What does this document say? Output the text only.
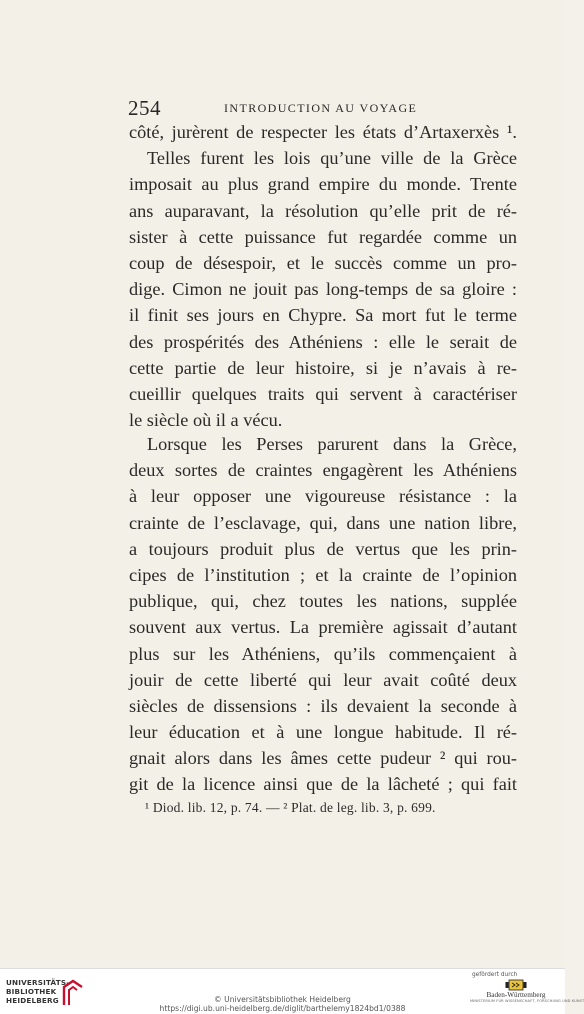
254	INTRODUCTION AU VOYAGE
côté, jurèrent de respecter les états d’Artaxerxès ¹.
Telles furent les lois qu’une ville de la Grèce
imposait au plus grand empire du monde. Trente
ans auparavant, la résolution qu’elle prit de ré-
sister à cette puissance fut regardée comme un
coup de désespoir, et le succès comme un pro-
dige. Cimon ne jouit pas long-temps de sa gloire :
il finit ses jours en Chypre. Sa mort fut le terme
des prospérités des Athéniens : elle le serait de
cette partie de leur histoire, si je n’avais à re-
cueillir quelques traits qui servent à caractériser
le siècle où il a vécu.
Lorsque les Perses parurent dans la Grèce,
deux sortes de craintes engagèrent les Athéniens
à leur opposer une vigoureuse résistance : la
crainte de l’esclavage, qui, dans une nation libre,
a toujours produit plus de vertus que les prin-
cipes de l’institution ; et la crainte de l’opinion
publique, qui, chez toutes les nations, supplée
souvent aux vertus. La première agissait d’autant
plus sur les Athéniens, qu’ils commençaient à
jouir de cette liberté qui leur avait coûté deux
siècles de dissensions : ils devaient la seconde à
leur éducation et à une longue habitude. Il ré-
gnait alors dans les âmes cette pudeur ² qui rou-
git de la licence ainsi que de la lâcheté ; qui fait
¹ Diod. lib. 12, p. 74. — ² Plat. de leg. lib. 3, p. 699.
UNIVERSITÄTS-
BIBLIOTHEK
HEIDELBERG	© Universitätsbibliothek Heidelberg
https://digi.ub.uni-heidelberg.de/diglit/barthelemy1824bd1/0388
gefördert durch
Baden-Württemberg
MINISTERIUM FÜR WISSENSCHAFT, FORSCHUNG UND KUNST
